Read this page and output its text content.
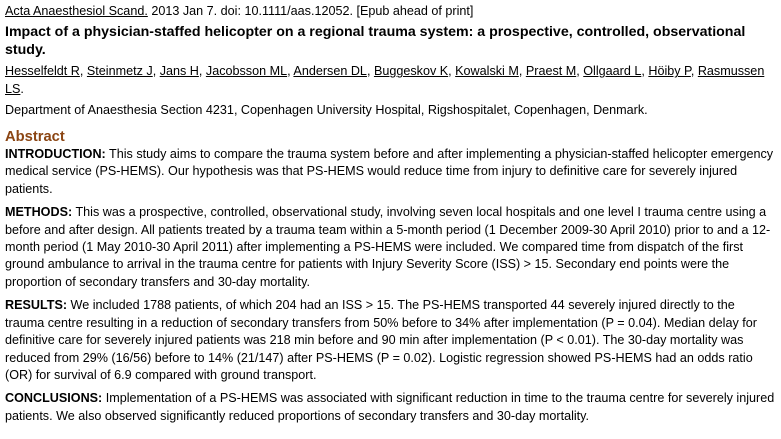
Acta Anaesthesiol Scand. 2013 Jan 7. doi: 10.1111/aas.12052. [Epub ahead of print]

Impact of a physician-staffed helicopter on a regional trauma system: a prospective, controlled, observational study.

Hesselfeldt R, Steinmetz J, Jans H, Jacobsson ML, Andersen DL, Buggeskov K, Kowalski M, Praest M, Ollgaard L, Höiby P, Rasmussen LS.

Department of Anaesthesia Section 4231, Copenhagen University Hospital, Rigshospitalet, Copenhagen, Denmark.

Abstract

INTRODUCTION: This study aims to compare the trauma system before and after implementing a physician-staffed helicopter emergency medical service (PS-HEMS). Our hypothesis was that PS-HEMS would reduce time from injury to definitive care for severely injured patients.

METHODS: This was a prospective, controlled, observational study, involving seven local hospitals and one level I trauma centre using a before and after design. All patients treated by a trauma team within a 5-month period (1 December 2009-30 April 2010) prior to and a 12-month period (1 May 2010-30 April 2011) after implementing a PS-HEMS were included. We compared time from dispatch of the first ground ambulance to arrival in the trauma centre for patients with Injury Severity Score (ISS) > 15. Secondary end points were the proportion of secondary transfers and 30-day mortality.

RESULTS: We included 1788 patients, of which 204 had an ISS > 15. The PS-HEMS transported 44 severely injured directly to the trauma centre resulting in a reduction of secondary transfers from 50% before to 34% after implementation (P = 0.04). Median delay for definitive care for severely injured patients was 218 min before and 90 min after implementation (P < 0.01). The 30-day mortality was reduced from 29% (16/56) before to 14% (21/147) after PS-HEMS (P = 0.02). Logistic regression showed PS-HEMS had an odds ratio (OR) for survival of 6.9 compared with ground transport.

CONCLUSIONS: Implementation of a PS-HEMS was associated with significant reduction in time to the trauma centre for severely injured patients. We also observed significantly reduced proportions of secondary transfers and 30-day mortality.
